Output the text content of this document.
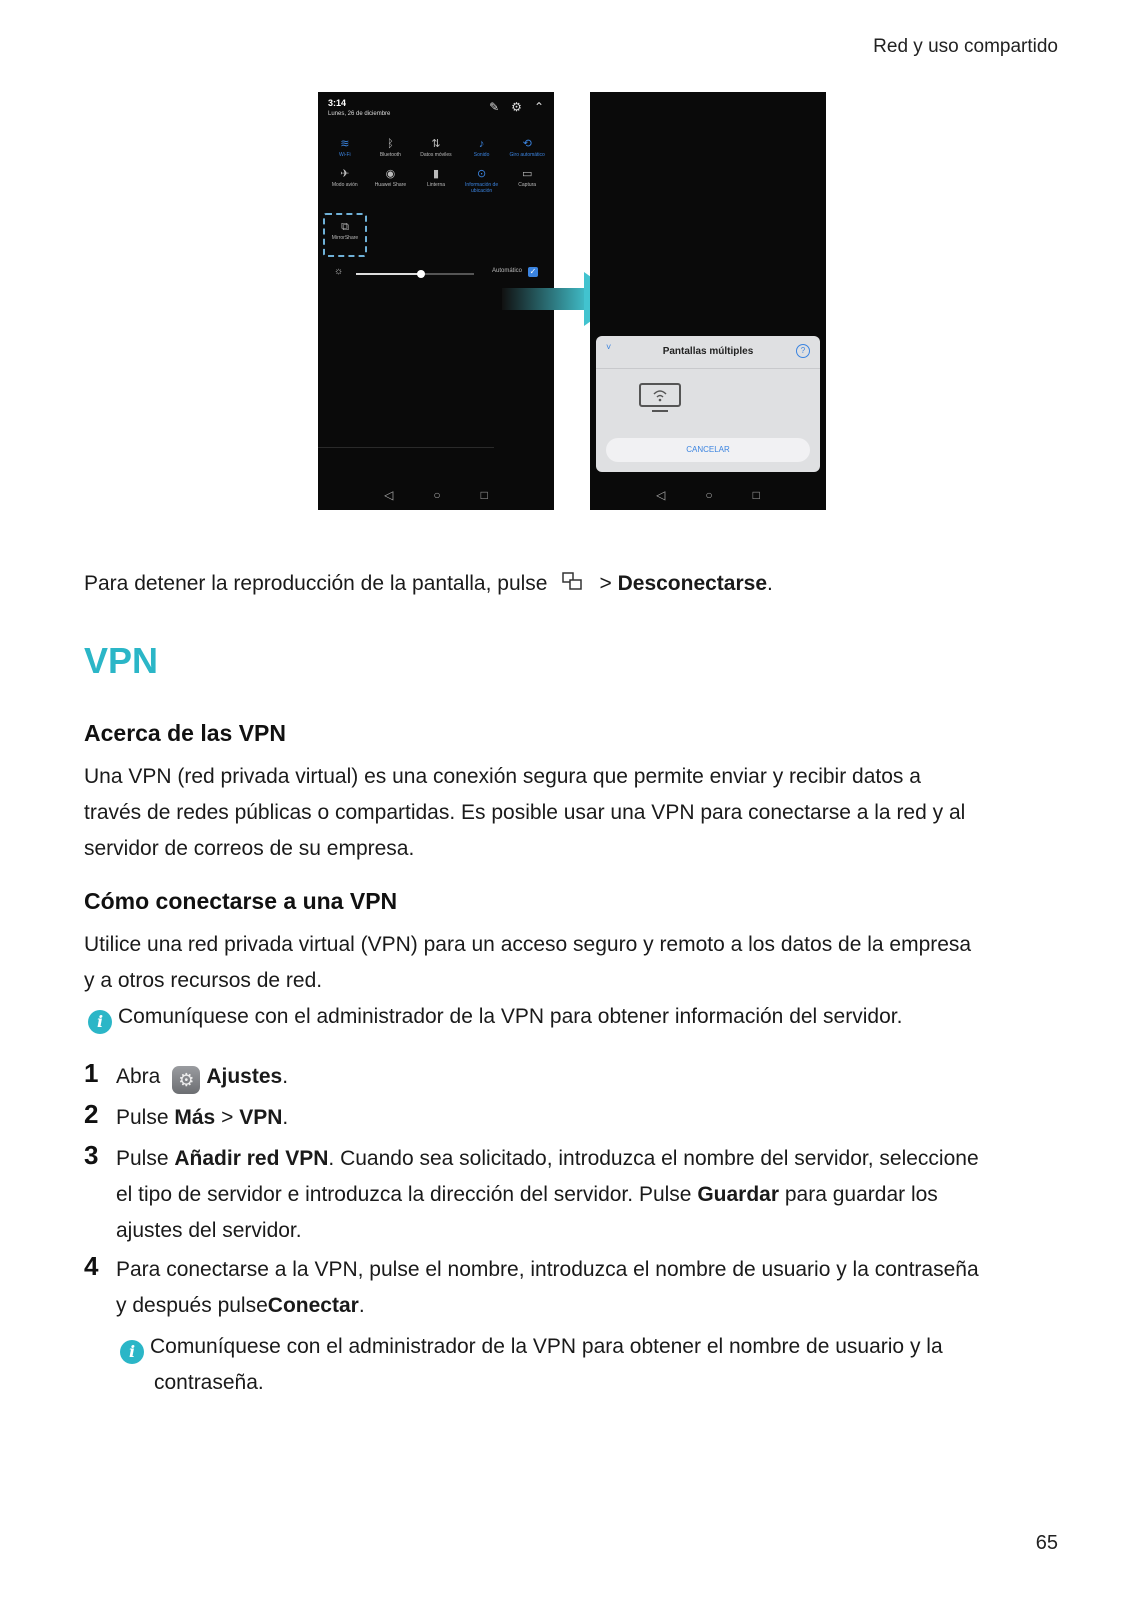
Red y uso compartido
3:14
Lunes, 26 de diciembre	✎ ⚙ ⌃
≋
Wi-Fi
ᛒ
Bluetooth
⇅
Datos móviles
♪
Sonido
⟲
Giro automático
✈
Modo avión
◉
Huawei Share
▮
Linterna
⊙
Información de ubicación
▭
Captura
⧉
MirrorShare
☼	Automático ✓
◁	○	□
˅	Pantallas múltiples	?
CANCELAR
◁	○	□
Para detener la reproducción de la pantalla, pulse > Desconectarse.
VPN
Acerca de las VPN
Una VPN (red privada virtual) es una conexión segura que permite enviar y recibir datos a
través de redes públicas o compartidas. Es posible usar una VPN para conectarse a la red y al
servidor de correos de su empresa.
Cómo conectarse a una VPN
Utilice una red privada virtual (VPN) para un acceso seguro y remoto a los datos de la empresa
y a otros recursos de red.
i Comuníquese con el administrador de la VPN para obtener información del servidor.
1 Abra ⚙ Ajustes.
2 Pulse Más > VPN.
3 Pulse Añadir red VPN. Cuando sea solicitado, introduzca el nombre del servidor, seleccione
el tipo de servidor e introduzca la dirección del servidor. Pulse Guardar para guardar los
ajustes del servidor.
4 Para conectarse a la VPN, pulse el nombre, introduzca el nombre de usuario y la contraseña
y después pulseConectar.
i Comuníquese con el administrador de la VPN para obtener el nombre de usuario y la
contraseña.
65
